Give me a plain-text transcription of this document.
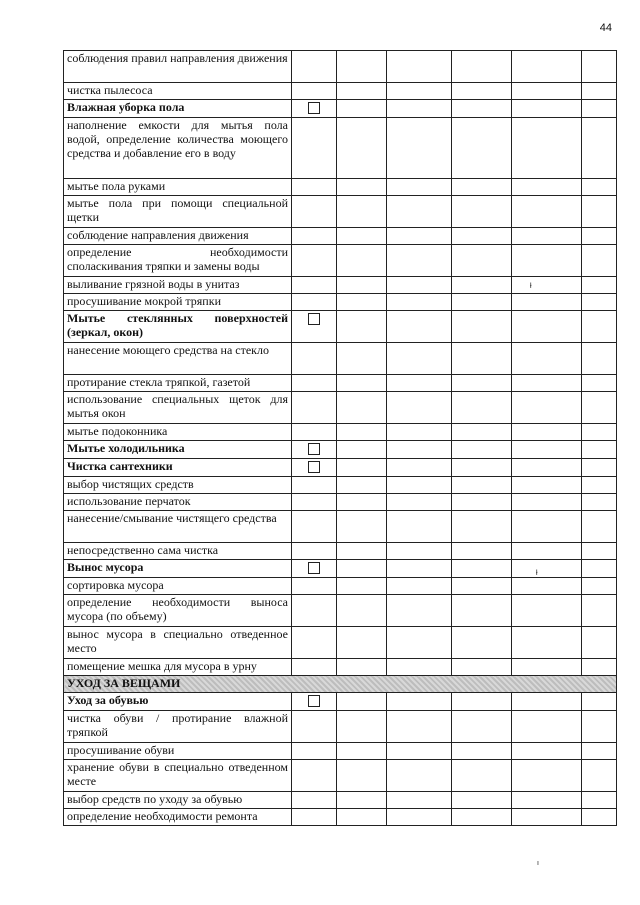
44
соблюдения правил направления движения						
чистка пылесоса						
Влажная уборка пола						
наполнение емкости для мытья пола водой, определение количества моющего средства и добавление его в воду						
мытье пола руками						
мытье пола при помощи специальной щетки						
соблюдение направления движения						
определение необходимости споласкивания тряпки и замены воды						
выливание грязной воды в унитаз						
просушивание мокрой тряпки						
Мытье стеклянных поверхностей (зеркал, окон)						
нанесение моющего средства на стекло						
протирание стекла тряпкой, газетой						
использование специальных щеток для мытья окон						
мытье подоконника						
Мытье холодильника						
Чистка сантехники						
выбор чистящих средств						
использование перчаток						
нанесение/смывание чистящего средства						
непосредственно сама чистка						
Вынос мусора						
сортировка мусора						
определение необходимости выноса мусора (по объему)						
вынос мусора в специально отведенное место						
помещение мешка для мусора в урну						
УХОД ЗА ВЕЩАМИ						
Уход за обувью						
чистка обуви / протирание влажной тряпкой						
просушивание обуви						
хранение обуви в специально отведенном месте						
выбор средств по уходу за обувью						
определение необходимости ремонта						
ł
ł
ı
